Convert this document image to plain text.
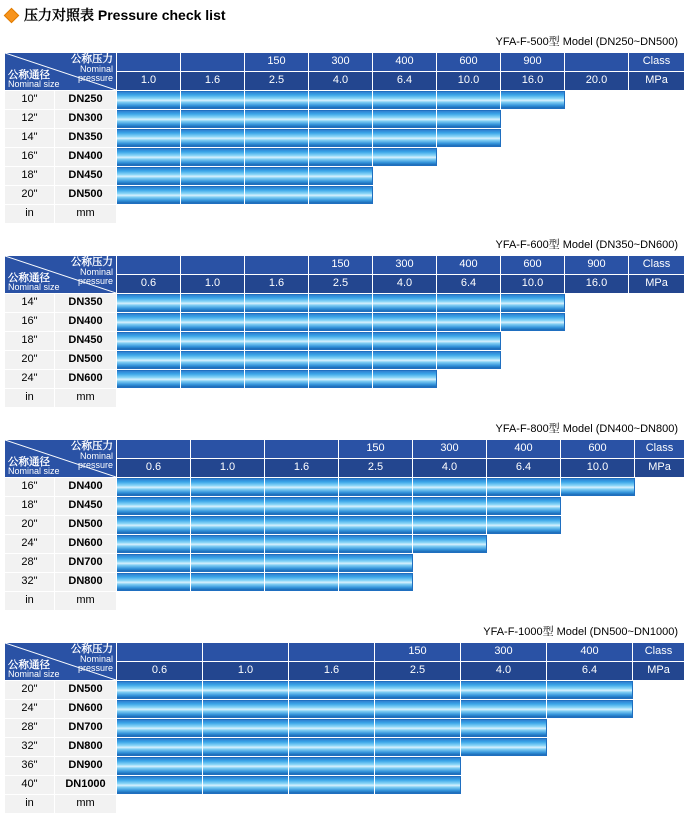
压力对照表 Pressure check list
YFA-F-500型 Model (DN250~DN500)
公称压力
Nominal
pressure
公称通径
Nominal size				150	300	400	600	900		Class
		1.0	1.6	2.5	4.0	6.4	10.0	16.0	20.0	MPa
10"	DN250	

12"	DN300	

14"	DN350	

16"	DN400	

18"	DN450	

20"	DN500	

in	mm									
YFA-F-600型 Model (DN350~DN600)
公称压力
Nominal
pressure
公称通径
Nominal size					150	300	400	600	900	Class
		0.6	1.0	1.6	2.5	4.0	6.4	10.0	16.0	MPa
14"	DN350	

16"	DN400	

18"	DN450	

20"	DN500	

24"	DN600	

in	mm									
YFA-F-800型 Model (DN400~DN800)
公称压力
Nominal
pressure
公称通径
Nominal size					150	300	400	600	Class
		0.6	1.0	1.6	2.5	4.0	6.4	10.0	MPa
16"	DN400	

18"	DN450	

20"	DN500	

24"	DN600	

28"	DN700	

32"	DN800	

in	mm								
YFA-F-1000型 Model (DN500~DN1000)
公称压力
Nominal
pressure
公称通径
Nominal size					150	300	400	Class
		0.6	1.0	1.6	2.5	4.0	6.4	MPa
20"	DN500	

24"	DN600	

28"	DN700	

32"	DN800	

36"	DN900	

40"	DN1000	

in	mm							
